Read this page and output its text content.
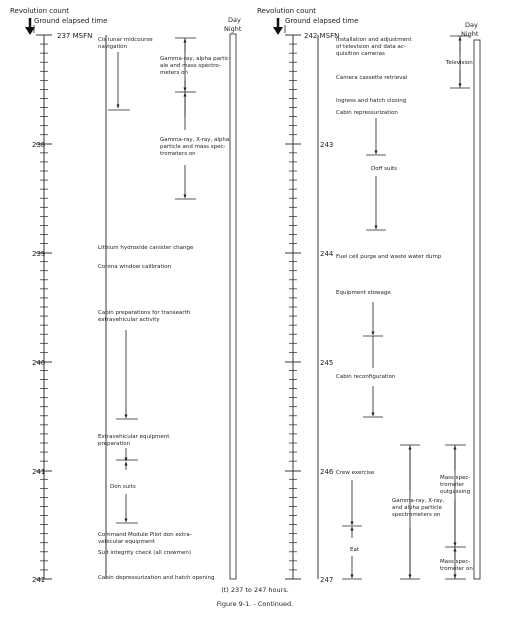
Revolution count
Ground elapsed time	Day
Night
237 MSFN
238
239
240
241
242
Cis lunar midcourse navigation
Lithium hydroxide canister change
Corona window calibration
Cabin preparations for transearth extravehicular activity
Extravehicular equipment preparation
Don suits
Command Module Pilot don extra- vehicular equipment
Suit integrity check (all crewmen)
Cabin depressurization and hatch opening
Gamma-ray, alpha partic- ale and mass spectro- meters on
Gamma-ray, X-ray, alpha particle and mass spec- trometers on
Revolution count
Ground elapsed time	Day
Night
242 MSFN
243
244
245
246
247
Installation and adjustment of television and data ac- quisition cameras
Camera cassette retrieval
Ingress and hatch closing
Cabin repressurization
Doff suits
Fuel cell purge and waste water dump
Equipment stowage
Cabin reconfiguration
Crew exercise
Gamma-ray, X-ray, and alpha particle spectrometers on
Eat
Television
Mass spec- trometer outgassing
Mass spec- trometer on
(t) 237 to 247 hours.
Figure 9-1. - Continued.
